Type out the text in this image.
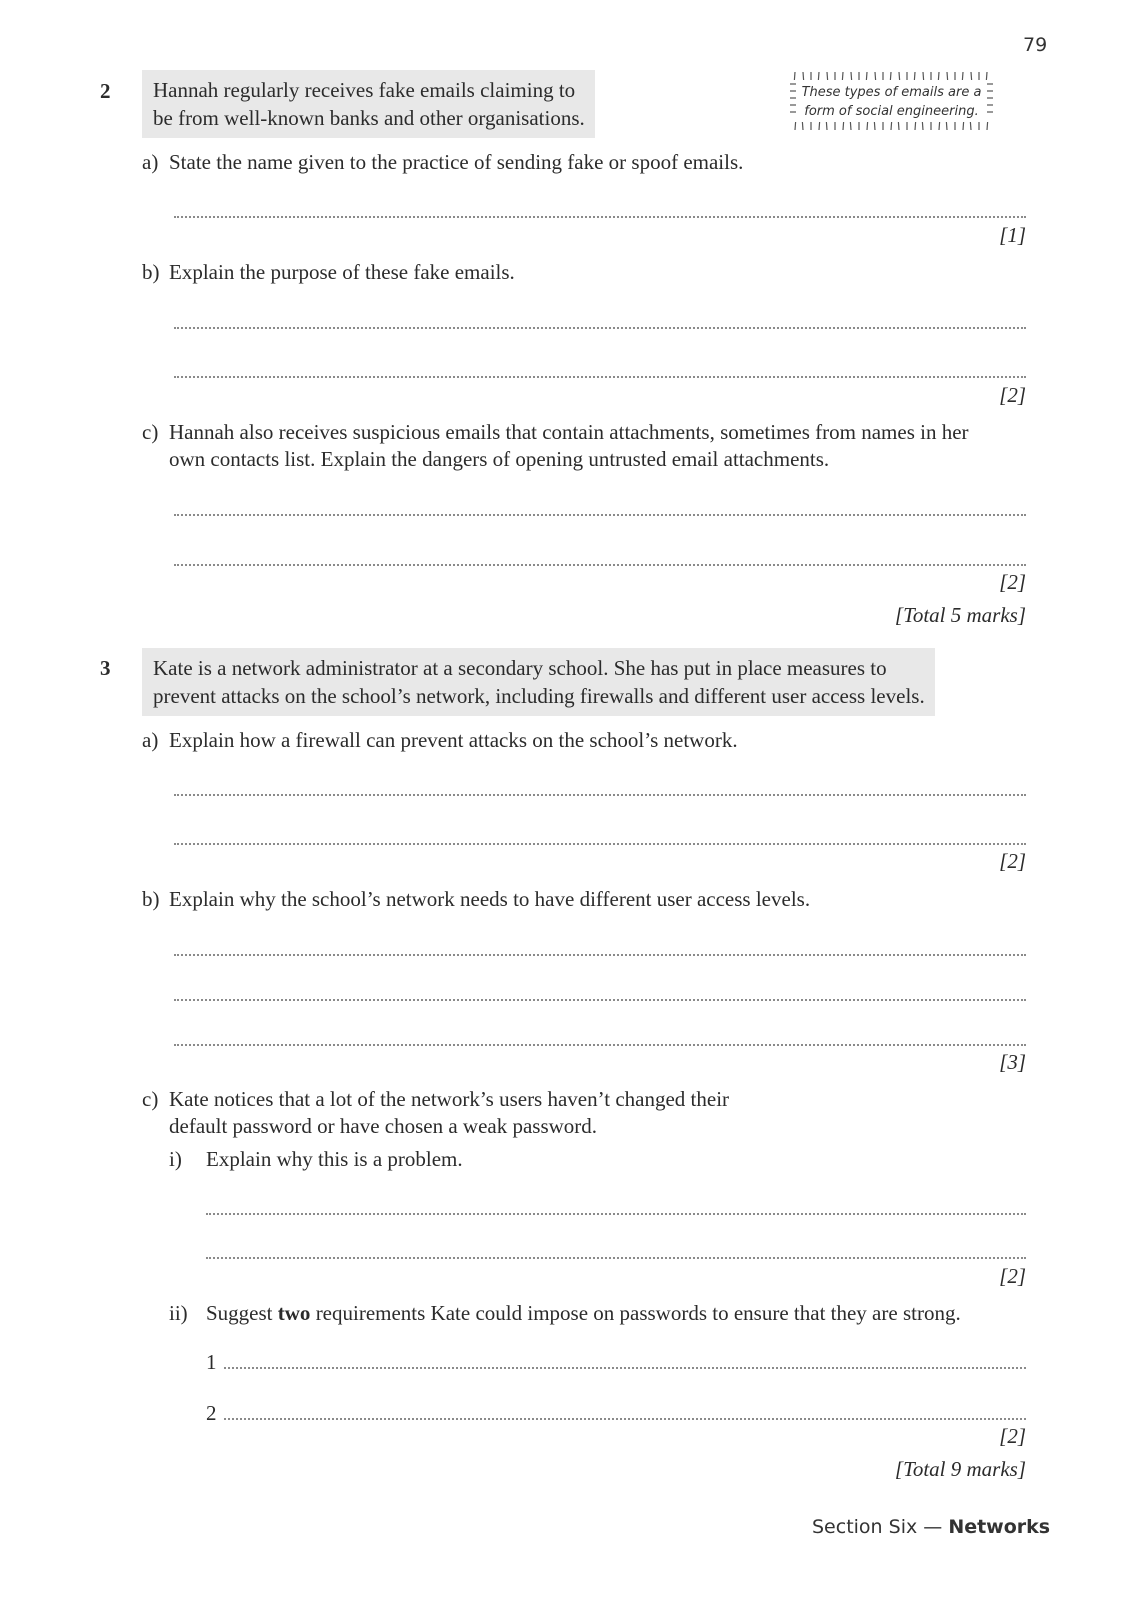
79
2 Hannah regularly receives fake emails claiming to
be from well-known banks and other organisations.
These types of emails are a
form of social engineering.
a) State the name given to the practice of sending fake or spoof emails.
[1]
b) Explain the purpose of these fake emails.
[2]
c) Hannah also receives suspicious emails that contain attachments, sometimes from names in her
own contacts list. Explain the dangers of opening untrusted email attachments.
[2]
[Total 5 marks]
3 Kate is a network administrator at a secondary school. She has put in place measures to
prevent attacks on the school’s network, including firewalls and different user access levels.
a) Explain how a firewall can prevent attacks on the school’s network.
[2]
b) Explain why the school’s network needs to have different user access levels.
[3]
c) Kate notices that a lot of the network’s users haven’t changed their
default password or have chosen a weak password.
i) Explain why this is a problem.
[2]
ii) Suggest two requirements Kate could impose on passwords to ensure that they are strong.
1
2
[2]
[Total 9 marks]
Section Six — Networks
